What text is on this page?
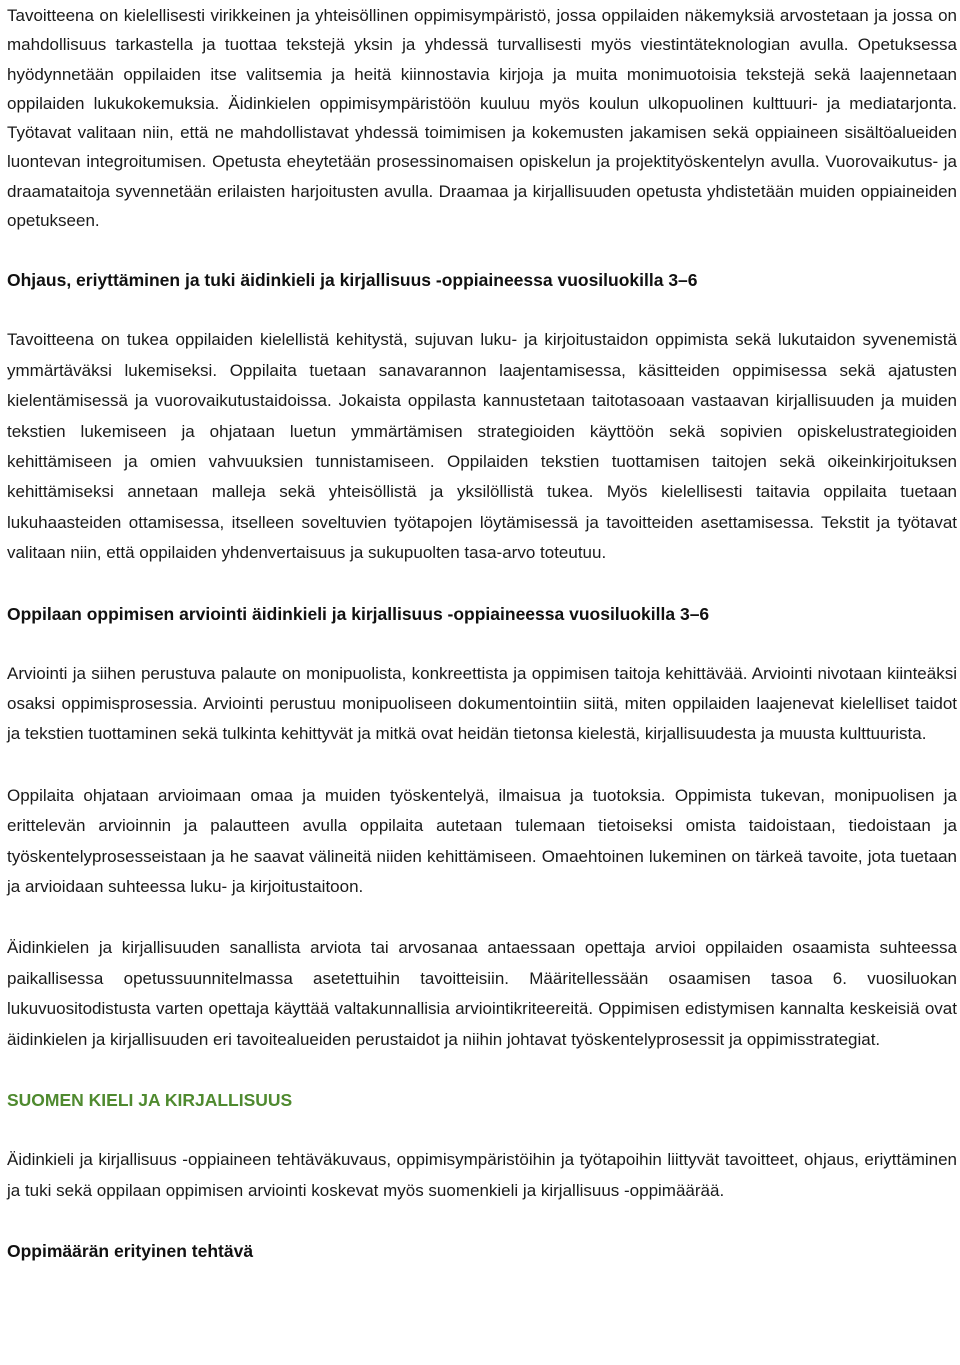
Tavoitteena on kielellisesti virikkeinen ja yhteisöllinen oppimisympäristö, jossa oppilaiden näkemyksiä arvostetaan ja jossa on mahdollisuus tarkastella ja tuottaa tekstejä yksin ja yhdessä turvallisesti myös viestintäteknologian avulla. Opetuksessa hyödynnetään oppilaiden itse valitsemia ja heitä kiinnostavia kirjoja ja muita monimuotoisia tekstejä sekä laajennetaan oppilaiden lukukokemuksia. Äidinkielen oppimisympäristöön kuuluu myös koulun ulkopuolinen kulttuuri- ja mediatarjonta. Työtavat valitaan niin, että ne mahdollistavat yhdessä toimimisen ja kokemusten jakamisen sekä oppiaineen sisältöalueiden luontevan integroitumisen. Opetusta eheytetään prosessinomaisen opiskelun ja projektityöskentelyn avulla. Vuorovaikutus- ja draamataitoja syvennetään erilaisten harjoitusten avulla. Draamaa ja kirjallisuuden opetusta yhdistetään muiden oppiaineiden opetukseen.

Ohjaus, eriyttäminen ja tuki äidinkieli ja kirjallisuus -oppiaineessa vuosiluokilla 3–6

Tavoitteena on tukea oppilaiden kielellistä kehitystä, sujuvan luku- ja kirjoitustaidon oppimista sekä lukutaidon syvenemistä ymmärtäväksi lukemiseksi. Oppilaita tuetaan sanavarannon laajentamisessa, käsitteiden oppimisessa sekä ajatusten kielentämisessä ja vuorovaikutustaidoissa. Jokaista oppilasta kannustetaan taitotasoaan vastaavan kirjallisuuden ja muiden tekstien lukemiseen ja ohjataan luetun ymmärtämisen strategioiden käyttöön sekä sopivien opiskelustrategioiden kehittämiseen ja omien vahvuuksien tunnistamiseen. Oppilaiden tekstien tuottamisen taitojen sekä oikeinkirjoituksen kehittämiseksi annetaan malleja sekä yhteisöllistä ja yksilöllistä tukea. Myös kielellisesti taitavia oppilaita tuetaan lukuhaasteiden ottamisessa, itselleen soveltuvien työtapojen löytämisessä ja tavoitteiden asettamisessa. Tekstit ja työtavat valitaan niin, että oppilaiden yhdenvertaisuus ja sukupuolten tasa-arvo toteutuu.

Oppilaan oppimisen arviointi äidinkieli ja kirjallisuus -oppiaineessa vuosiluokilla 3–6

Arviointi ja siihen perustuva palaute on monipuolista, konkreettista ja oppimisen taitoja kehittävää. Arviointi nivotaan kiinteäksi osaksi oppimisprosessia. Arviointi perustuu monipuoliseen dokumentointiin siitä, miten oppilaiden laajenevat kielelliset taidot ja tekstien tuottaminen sekä tulkinta kehittyvät ja mitkä ovat heidän tietonsa kielestä, kirjallisuudesta ja muusta kulttuurista.

Oppilaita ohjataan arvioimaan omaa ja muiden työskentelyä, ilmaisua ja tuotoksia. Oppimista tukevan, monipuolisen ja erittelevän arvioinnin ja palautteen avulla oppilaita autetaan tulemaan tietoiseksi omista taidoistaan, tiedoistaan ja työskentelyprosesseistaan ja he saavat välineitä niiden kehittämiseen. Omaehtoinen lukeminen on tärkeä tavoite, jota tuetaan ja arvioidaan suhteessa luku- ja kirjoitustaitoon.

Äidinkielen ja kirjallisuuden sanallista arviota tai arvosanaa antaessaan opettaja arvioi oppilaiden osaamista suhteessa paikallisessa opetussuunnitelmassa asetettuihin tavoitteisiin. Määritellessään osaamisen tasoa 6. vuosiluokan lukuvuositodistusta varten opettaja käyttää valtakunnallisia arviointikriteereitä. Oppimisen edistymisen kannalta keskeisiä ovat äidinkielen ja kirjallisuuden eri tavoitealueiden perustaidot ja niihin johtavat työskentelyprosessit ja oppimisstrategiat.

SUOMEN KIELI JA KIRJALLISUUS

Äidinkieli ja kirjallisuus -oppiaineen tehtäväkuvaus, oppimisympäristöihin ja työtapoihin liittyvät tavoitteet, ohjaus, eriyttäminen ja tuki sekä oppilaan oppimisen arviointi koskevat myös suomenkieli ja kirjallisuus -oppimäärää.

Oppimäärän erityinen tehtävä
